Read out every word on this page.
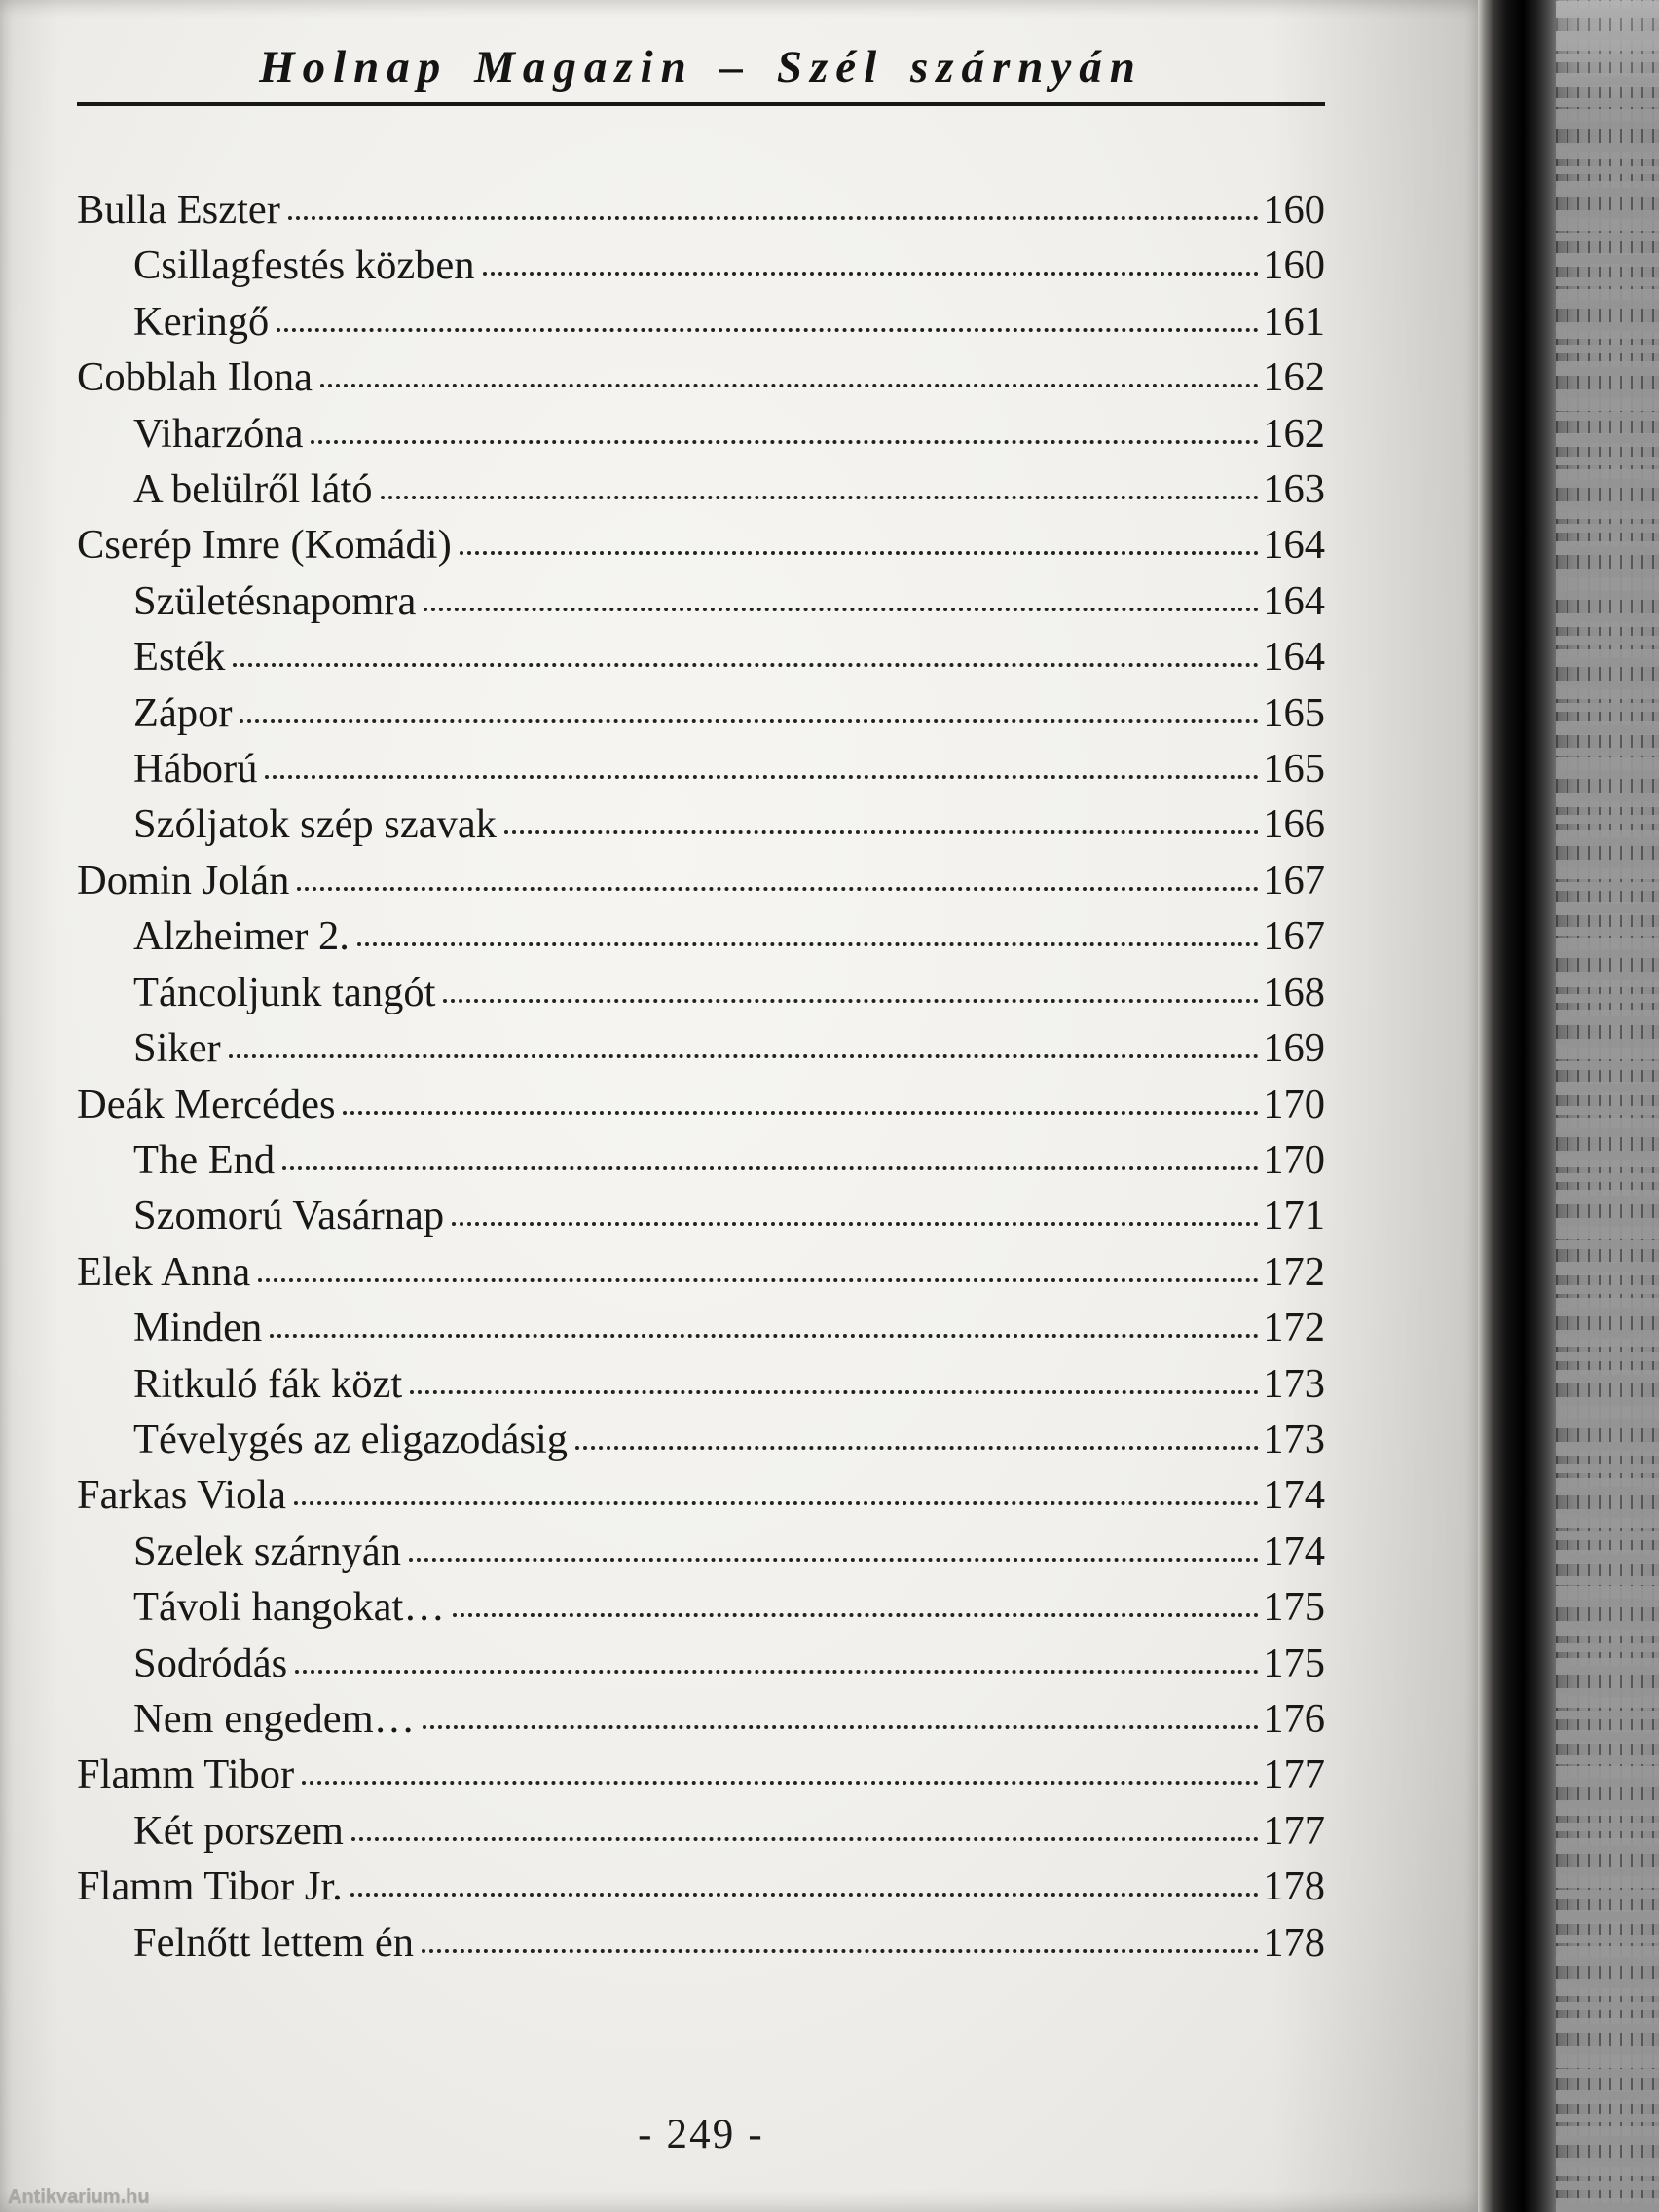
Holnap Magazin – Szél szárnyán
Bulla Eszter	160
Csillagfestés közben	160
Keringő	161
Cobblah Ilona	162
Viharzóna	162
A belülről látó	163
Cserép Imre (Komádi)	164
Születésnapomra	164
Esték	164
Zápor	165
Háború	165
Szóljatok szép szavak	166
Domin Jolán	167
Alzheimer 2.	167
Táncoljunk tangót	168
Siker	169
Deák Mercédes	170
The End	170
Szomorú Vasárnap	171
Elek Anna	172
Minden	172
Ritkuló fák közt	173
Tévelygés az eligazodásig	173
Farkas Viola	174
Szelek szárnyán	174
Távoli hangokat…	175
Sodródás	175
Nem engedem…	176
Flamm Tibor	177
Két porszem	177
Flamm Tibor Jr.	178
Felnőtt lettem én	178
- 249 -
Antikvarium.hu
